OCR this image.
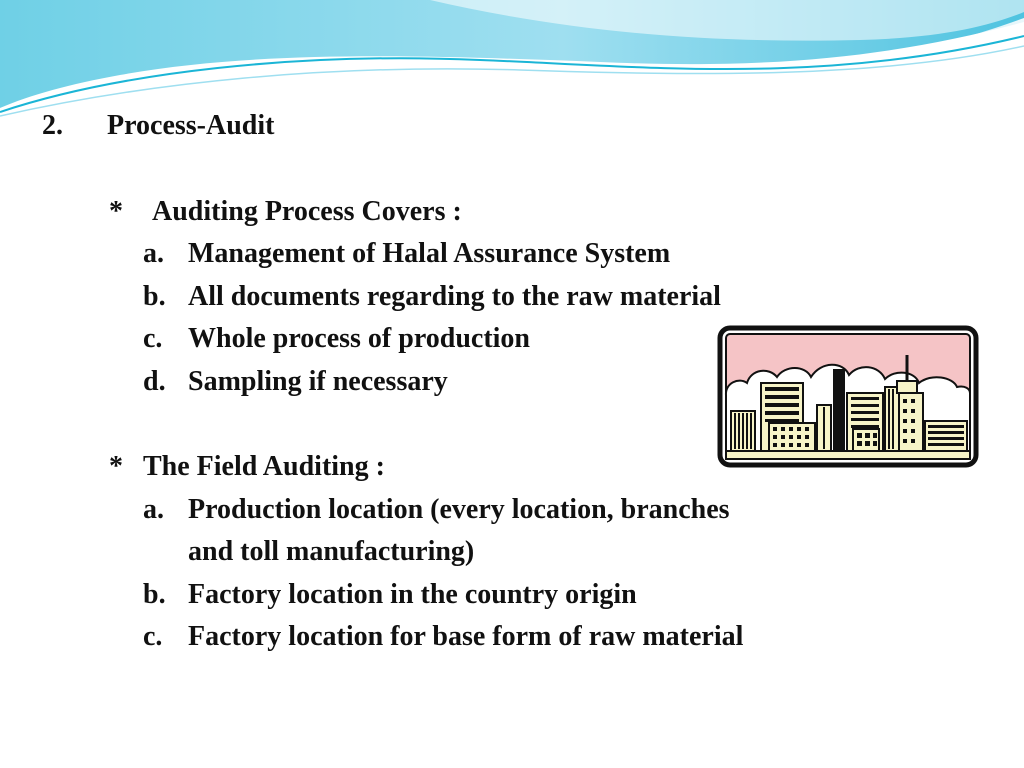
2. Process-Audit
* Auditing Process Covers :
a. Management of Halal Assurance System
b. All documents regarding to the raw material
c. Whole process of production
d. Sampling if necessary
* The Field Auditing :
a. Production location (every location, branches
and toll manufacturing)
b. Factory location in the country origin
c. Factory location for base form of raw material
